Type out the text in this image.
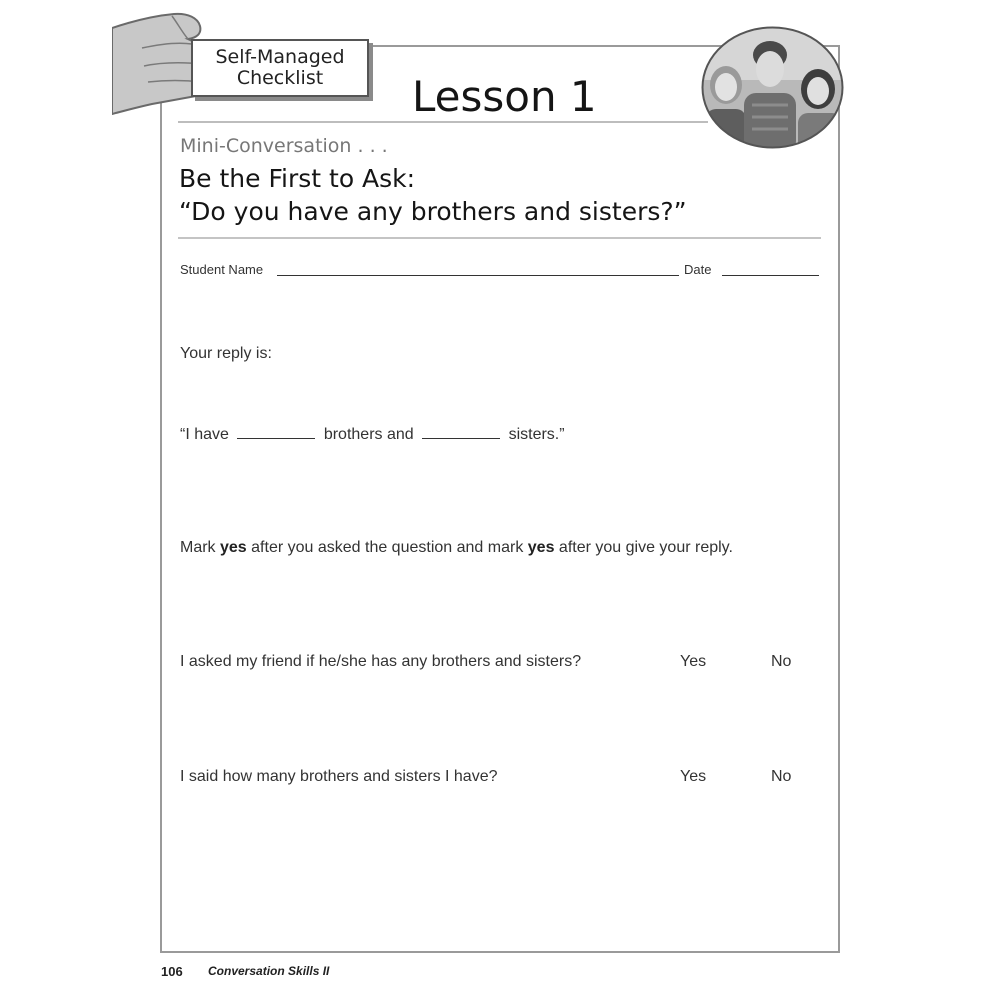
Self-Managed
Checklist	Lesson 1
Mini-Conversation . . .
Be the First to Ask:
“Do you have any brothers and sisters?”
Student Name	Date
Your reply is:
“I have	brothers and	sisters.”
Mark yes after you asked the question and mark yes after you give your reply.
I asked my friend if he/she has any brothers and sisters?	Yes	No
I said how many brothers and sisters I have?	Yes	No
106 Conversation Skills II
